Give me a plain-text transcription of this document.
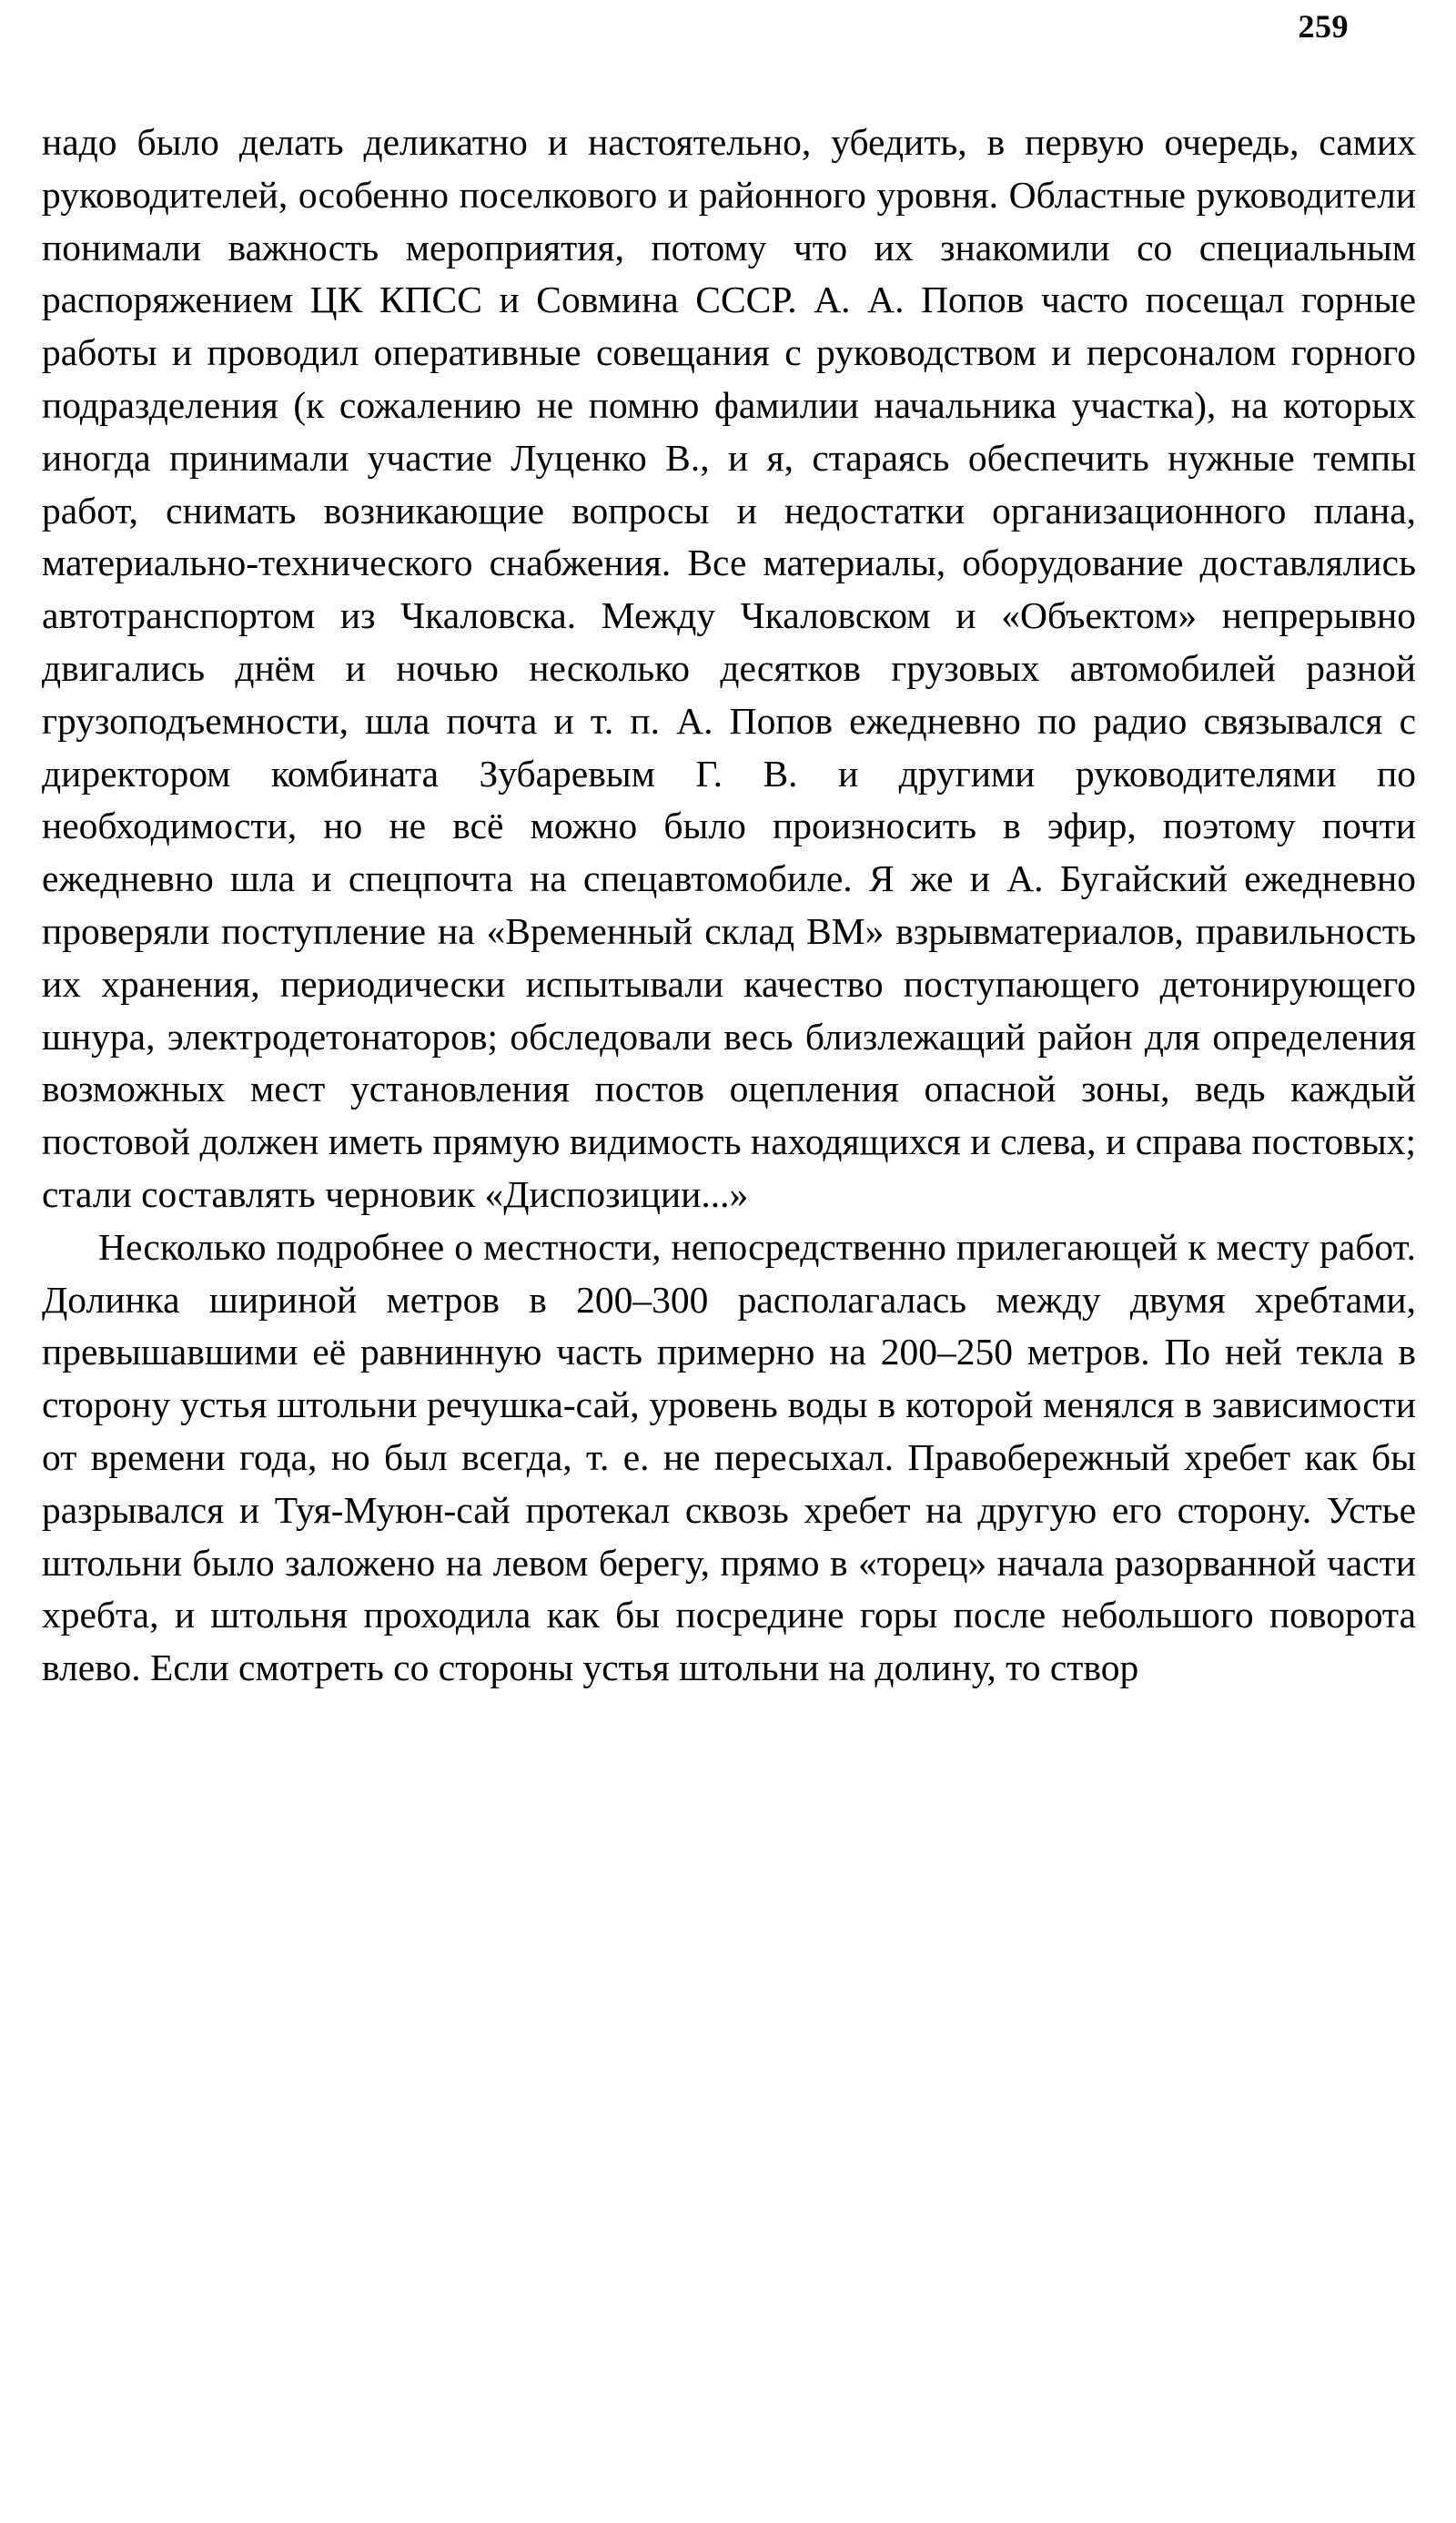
259

надо было делать деликатно и настоятельно, убедить, в первую очередь, самих руководителей, особенно поселкового и районного уровня. Областные руководители понимали важность мероприятия, потому что их знакомили со специальным распоряжением ЦК КПСС и Совмина СССР. А. А. Попов часто посещал горные работы и проводил оперативные совещания с руководством и персоналом горного подразделения (к сожалению не помню фамилии начальника участка), на которых иногда принимали участие Луценко В., и я, стараясь обеспечить нужные темпы работ, снимать возникающие вопросы и недостатки организационного плана, материально-технического снабжения. Все материалы, оборудование доставлялись автотранспортом из Чкаловска. Между Чкаловском и «Объектом» непрерывно двигались днём и ночью несколько десятков грузовых автомобилей разной грузоподъемности, шла почта и т. п. А. Попов ежедневно по радио связывался с директором комбината Зубаревым Г. В. и другими руководителями по необходимости, но не всё можно было произносить в эфир, поэтому почти ежедневно шла и спецпочта на спецавтомобиле. Я же и А. Бугайский ежедневно проверяли поступление на «Временный склад ВМ» взрывматериалов, правильность их хранения, периодически испытывали качество поступающего детонирующего шнура, электродетонаторов; обследовали весь близлежащий район для определения возможных мест установления постов оцепления опасной зоны, ведь каждый постовой должен иметь прямую видимость находящихся и слева, и справа постовых; стали составлять черновик «Диспозиции...»

Несколько подробнее о местности, непосредственно прилегающей к месту работ. Долинка шириной метров в 200–300 располагалась между двумя хребтами, превышавшими её равнинную часть примерно на 200–250 метров. По ней текла в сторону устья штольни речушка-сай, уровень воды в которой менялся в зависимости от времени года, но был всегда, т. е. не пересыхал. Правобережный хребет как бы разрывался и Туя-Муюн-сай протекал сквозь хребет на другую его сторону. Устье штольни было заложено на левом берегу, прямо в «торец» начала разорванной части хребта, и штольня проходила как бы посредине горы после небольшого поворота влево. Если смотреть со стороны устья штольни на долину, то створ
